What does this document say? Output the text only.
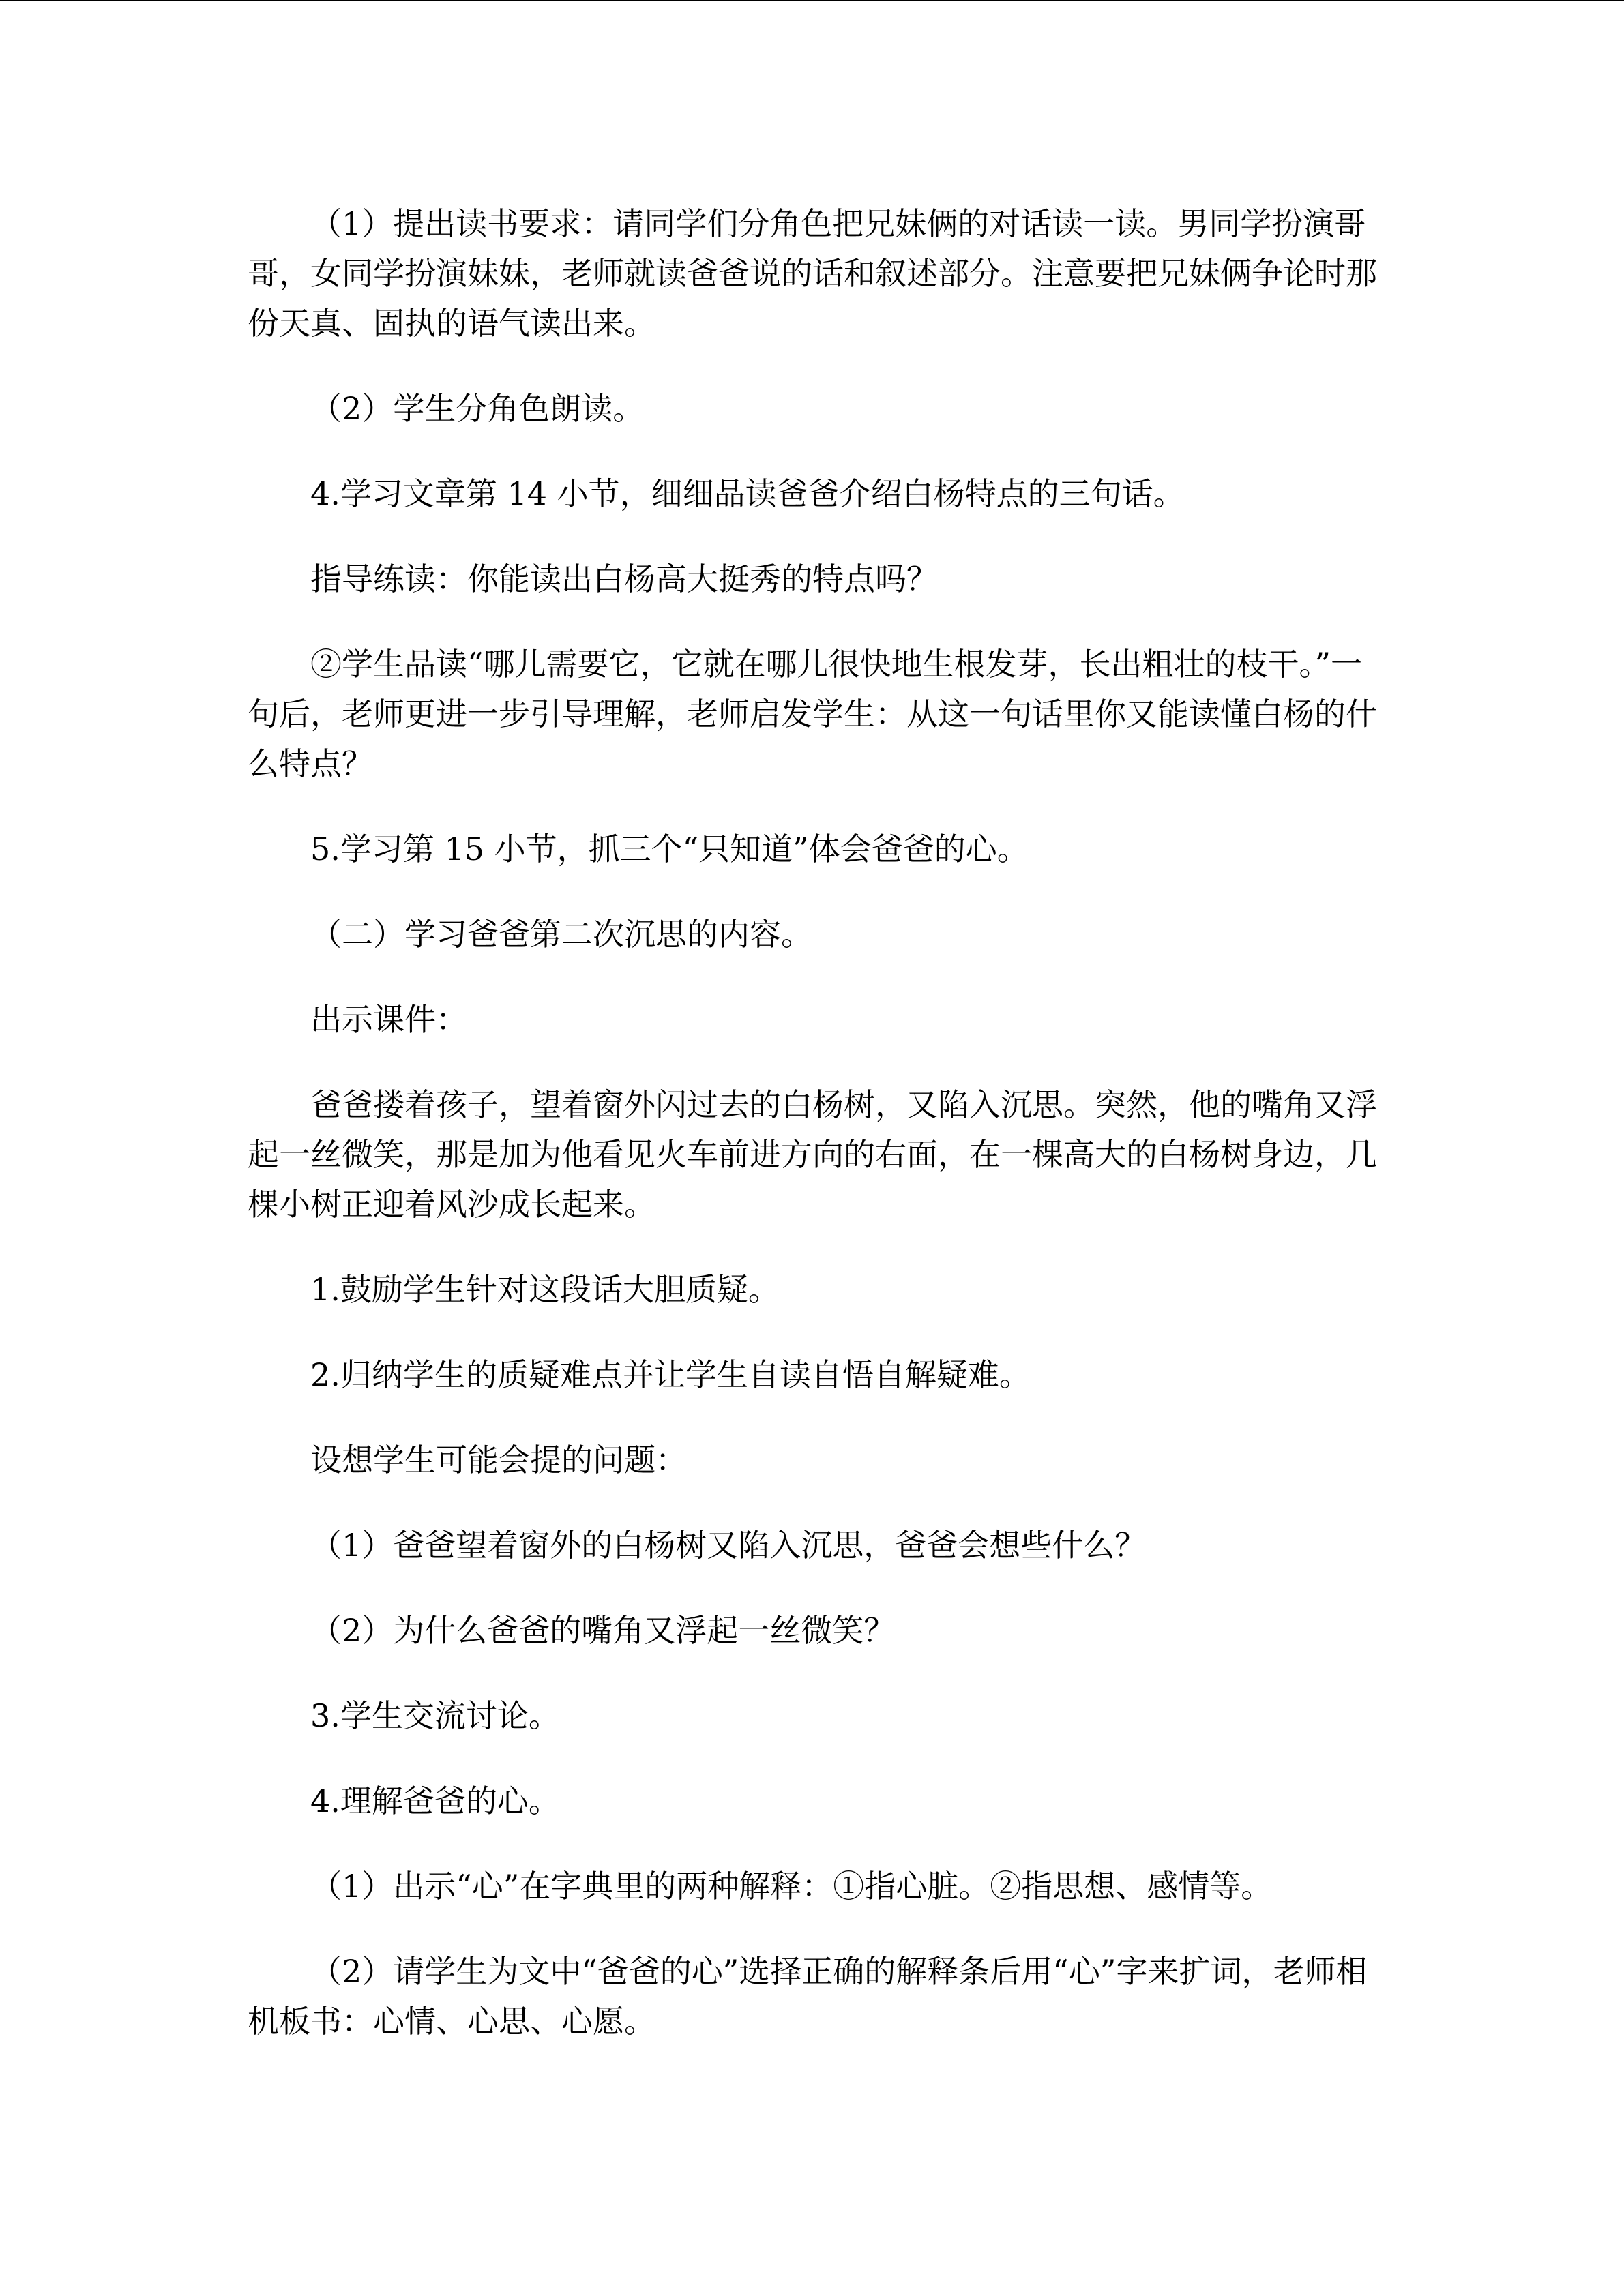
（1）提出读书要求：请同学们分角色把兄妹俩的对话读一读。男同学扮演哥哥，女同学扮演妹妹，老师就读爸爸说的话和叙述部分。注意要把兄妹俩争论时那份天真、固执的语气读出来。

（2）学生分角色朗读。

4.学习文章第 14 小节，细细品读爸爸介绍白杨特点的三句话。

指导练读：你能读出白杨高大挺秀的特点吗？

②学生品读“哪儿需要它，它就在哪儿很快地生根发芽，长出粗壮的枝干。”一句后，老师更进一步引导理解，老师启发学生：从这一句话里你又能读懂白杨的什么特点？

5.学习第 15 小节，抓三个“只知道”体会爸爸的心。

（二）学习爸爸第二次沉思的内容。

出示课件：

爸爸搂着孩子，望着窗外闪过去的白杨树，又陷入沉思。突然，他的嘴角又浮起一丝微笑，那是加为他看见火车前进方向的右面，在一棵高大的白杨树身边，几棵小树正迎着风沙成长起来。

1.鼓励学生针对这段话大胆质疑。

2.归纳学生的质疑难点并让学生自读自悟自解疑难。

设想学生可能会提的问题：

（1）爸爸望着窗外的白杨树又陷入沉思，爸爸会想些什么？

（2）为什么爸爸的嘴角又浮起一丝微笑？

3.学生交流讨论。

4.理解爸爸的心。

（1）出示“心”在字典里的两种解释：①指心脏。②指思想、感情等。

（2）请学生为文中“爸爸的心”选择正确的解释条后用“心”字来扩词，老师相机板书：心情、心思、心愿。
